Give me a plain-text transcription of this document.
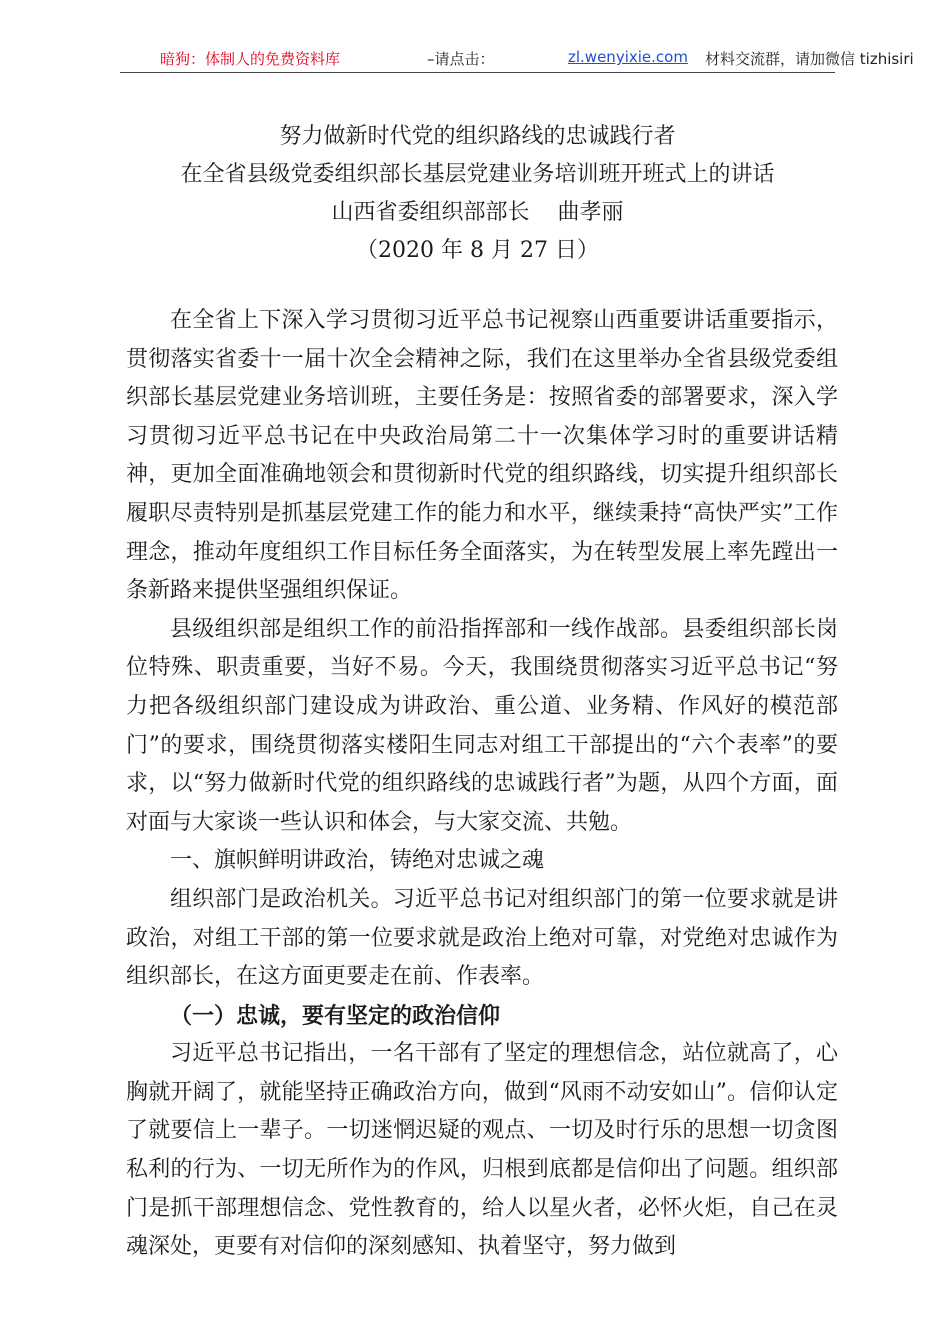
暗狗：体制人的免费资料库	–请点击：	zl.wenyixie.com 材料交流群，请加微信 tizhisiri
努力做新时代党的组织路线的忠诚践行者
在全省县级党委组织部长基层党建业务培训班开班式上的讲话
山西省委组织部部长 曲孝丽
（2020 年 8 月 27 日）

在全省上下深入学习贯彻习近平总书记视察山西重要讲话重要指示，贯彻落实省委十一届十次全会精神之际，我们在这里举办全省县级党委组织部长基层党建业务培训班，主要任务是：按照省委的部署要求，深入学习贯彻习近平总书记在中央政治局第二十一次集体学习时的重要讲话精神，更加全面准确地领会和贯彻新时代党的组织路线，切实提升组织部长履职尽责特别是抓基层党建工作的能力和水平，继续秉持“高快严实”工作理念，推动年度组织工作目标任务全面落实，为在转型发展上率先蹚出一条新路来提供坚强组织保证。

县级组织部是组织工作的前沿指挥部和一线作战部。县委组织部长岗位特殊、职责重要，当好不易。今天，我围绕贯彻落实习近平总书记“努力把各级组织部门建设成为讲政治、重公道、业务精、作风好的模范部门”的要求，围绕贯彻落实楼阳生同志对组工干部提出的“六个表率”的要求，以“努力做新时代党的组织路线的忠诚践行者”为题，从四个方面，面对面与大家谈一些认识和体会，与大家交流、共勉。

一、旗帜鲜明讲政治，铸绝对忠诚之魂

组织部门是政治机关。习近平总书记对组织部门的第一位要求就是讲政治，对组工干部的第一位要求就是政治上绝对可靠，对党绝对忠诚作为组织部长，在这方面更要走在前、作表率。

（一）忠诚，要有坚定的政治信仰

习近平总书记指出，一名干部有了坚定的理想信念，站位就高了，心胸就开阔了，就能坚持正确政治方向，做到“风雨不动安如山”。信仰认定了就要信上一辈子。一切迷惘迟疑的观点、一切及时行乐的思想一切贪图私利的行为、一切无所作为的作风，归根到底都是信仰出了问题。组织部门是抓干部理想信念、党性教育的，给人以星火者，必怀火炬，自己在灵魂深处，更要有对信仰的深刻感知、执着坚守，努力做到
